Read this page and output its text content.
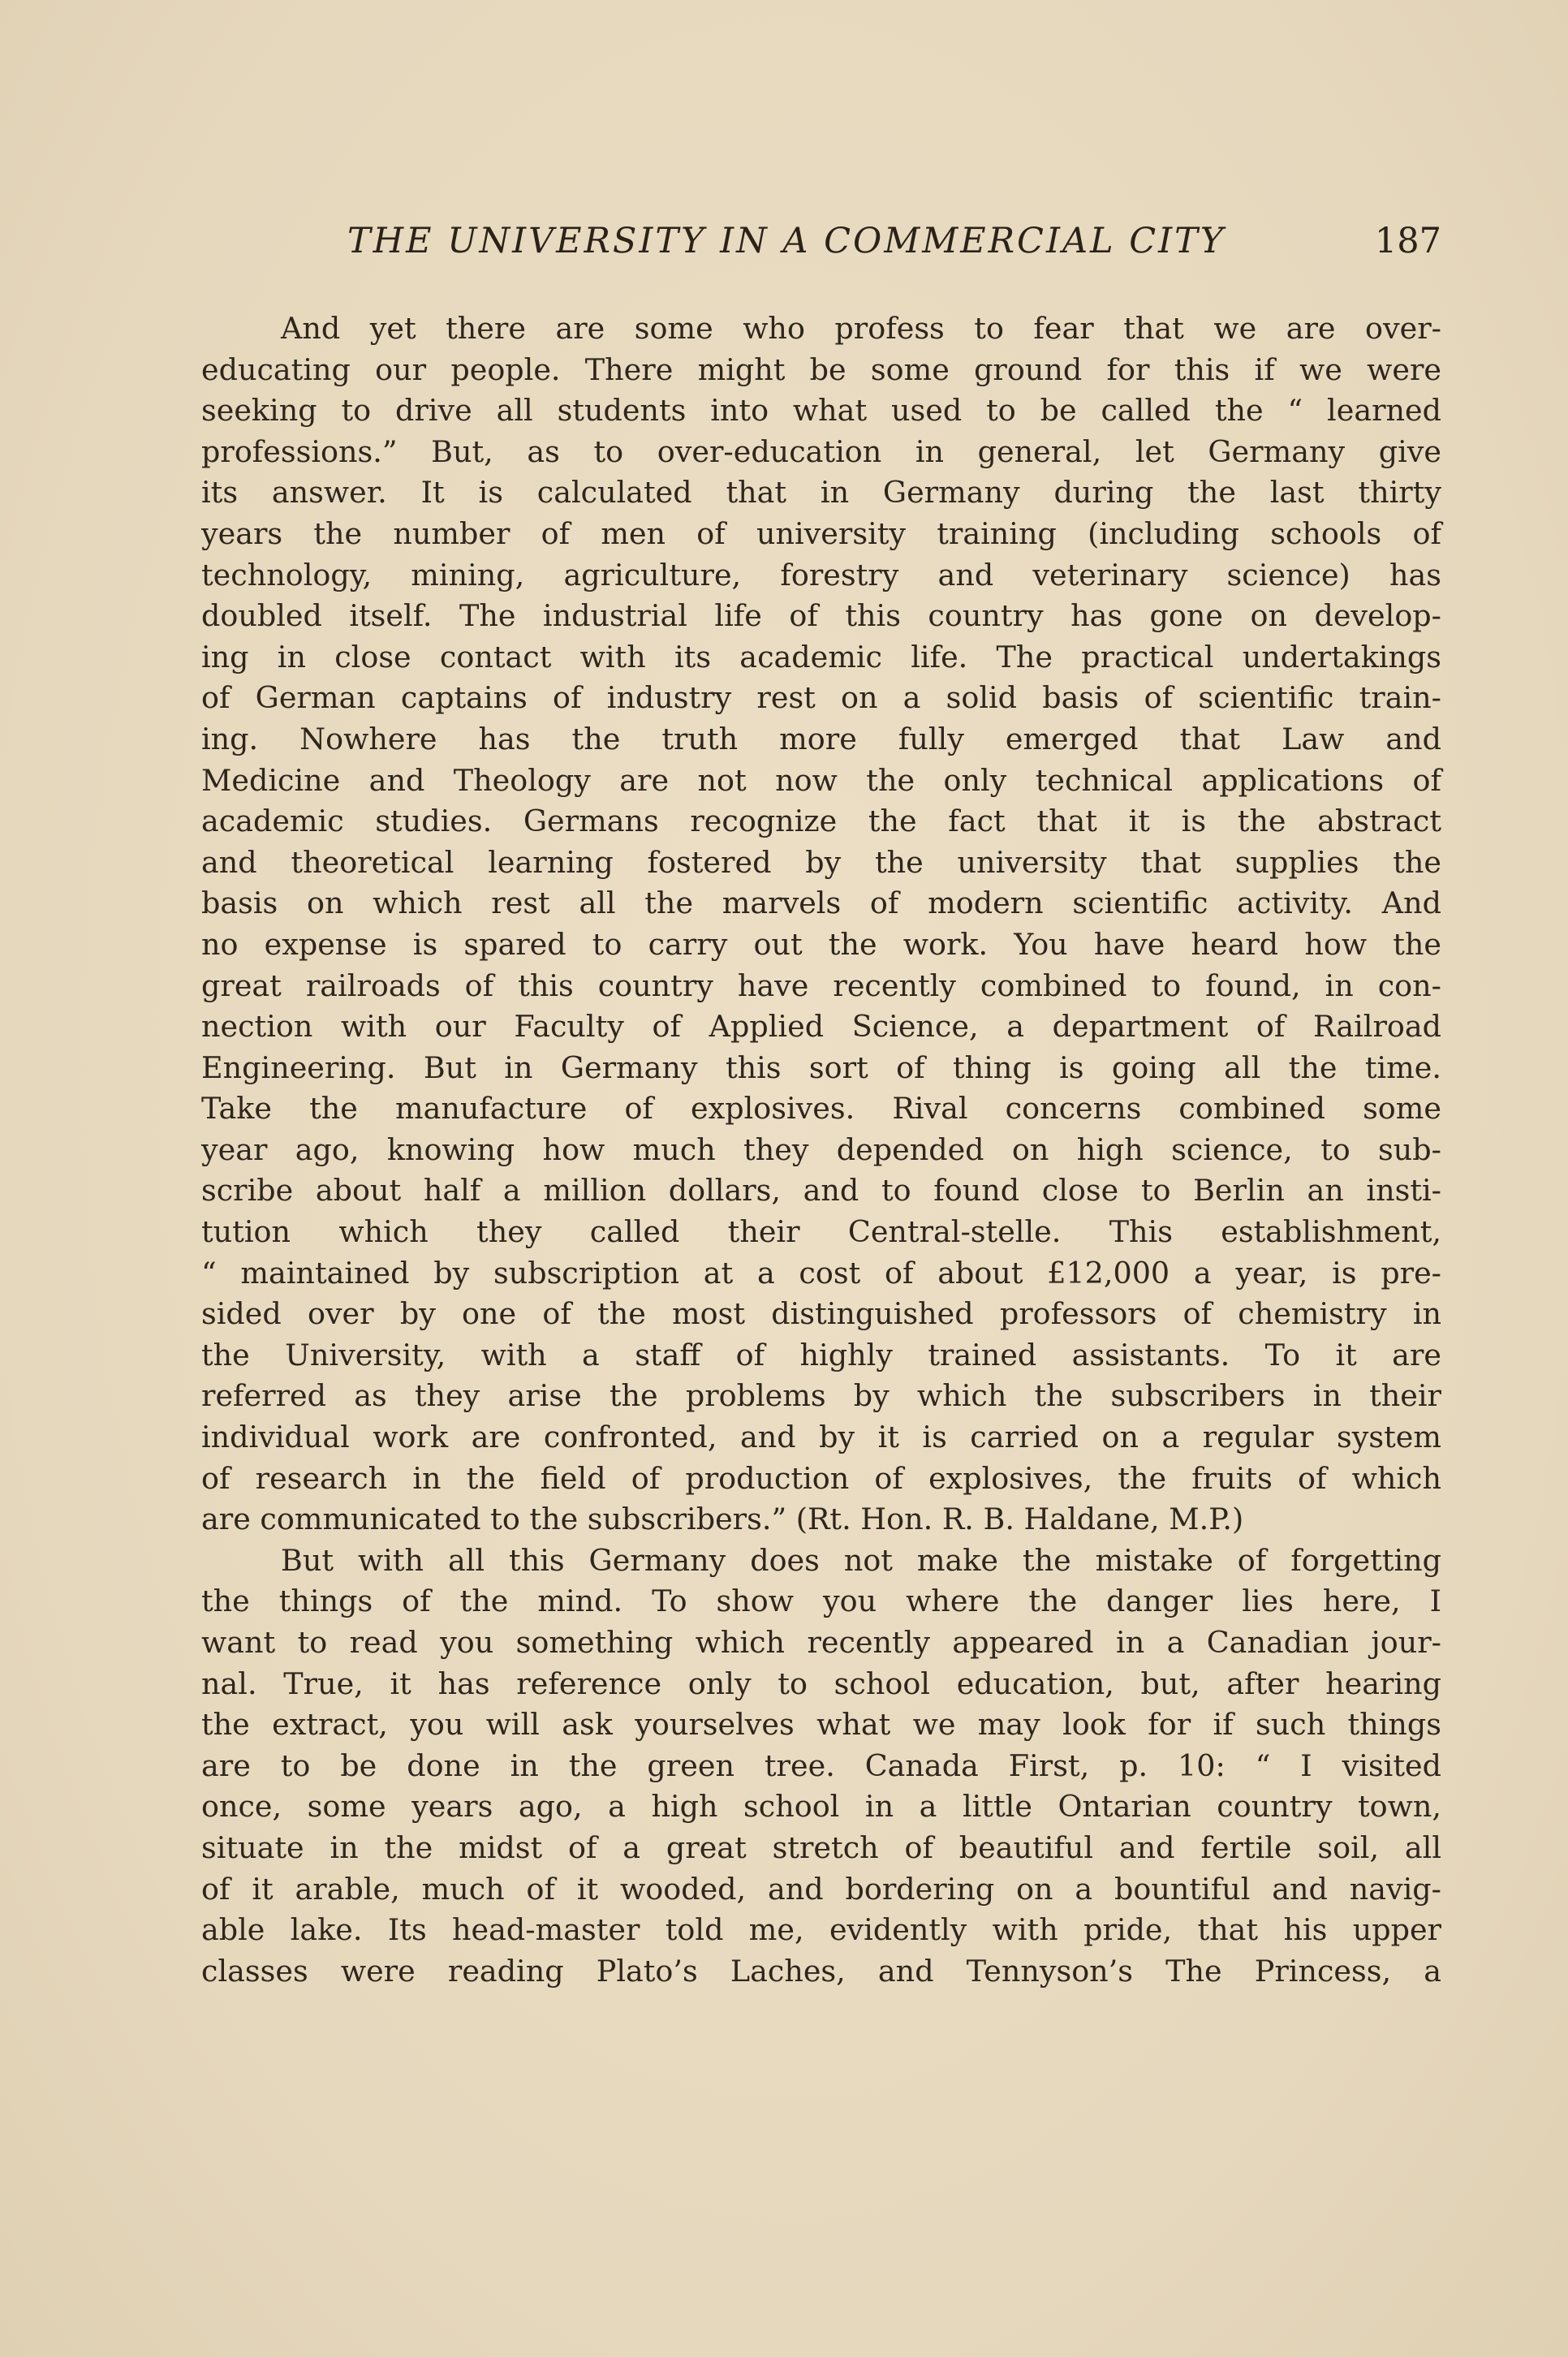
THE UNIVERSITY IN A COMMERCIAL CITY	187
And yet there are some who profess to fear that we are over-
educating our people. There might be some ground for this if we were
seeking to drive all students into what used to be called the “ learned
professions.” But, as to over-education in general, let Germany give
its answer. It is calculated that in Germany during the last thirty
years the number of men of university training (including schools of
technology, mining, agriculture, forestry and veterinary science) has
doubled itself. The industrial life of this country has gone on develop-
ing in close contact with its academic life. The practical undertakings
of German captains of industry rest on a solid basis of scientific train-
ing. Nowhere has the truth more fully emerged that Law and
Medicine and Theology are not now the only technical applications of
academic studies. Germans recognize the fact that it is the abstract
and theoretical learning fostered by the university that supplies the
basis on which rest all the marvels of modern scientific activity. And
no expense is spared to carry out the work. You have heard how the
great railroads of this country have recently combined to found, in con-
nection with our Faculty of Applied Science, a department of Railroad
Engineering. But in Germany this sort of thing is going all the time.
Take the manufacture of explosives. Rival concerns combined some
year ago, knowing how much they depended on high science, to sub-
scribe about half a million dollars, and to found close to Berlin an insti-
tution which they called their Central-stelle. This establishment,
“ maintained by subscription at a cost of about £12,000 a year, is pre-
sided over by one of the most distinguished professors of chemistry in
the University, with a staff of highly trained assistants. To it are
referred as they arise the problems by which the subscribers in their
individual work are confronted, and by it is carried on a regular system
of research in the field of production of explosives, the fruits of which
are communicated to the subscribers.” (Rt. Hon. R. B. Haldane, M.P.)
But with all this Germany does not make the mistake of forgetting
the things of the mind. To show you where the danger lies here, I
want to read you something which recently appeared in a Canadian jour-
nal. True, it has reference only to school education, but, after hearing
the extract, you will ask yourselves what we may look for if such things
are to be done in the green tree. Canada First, p. 10: “ I visited
once, some years ago, a high school in a little Ontarian country town,
situate in the midst of a great stretch of beautiful and fertile soil, all
of it arable, much of it wooded, and bordering on a bountiful and navig-
able lake. Its head-master told me, evidently with pride, that his upper
classes were reading Plato’s Laches, and Tennyson’s The Princess, a
